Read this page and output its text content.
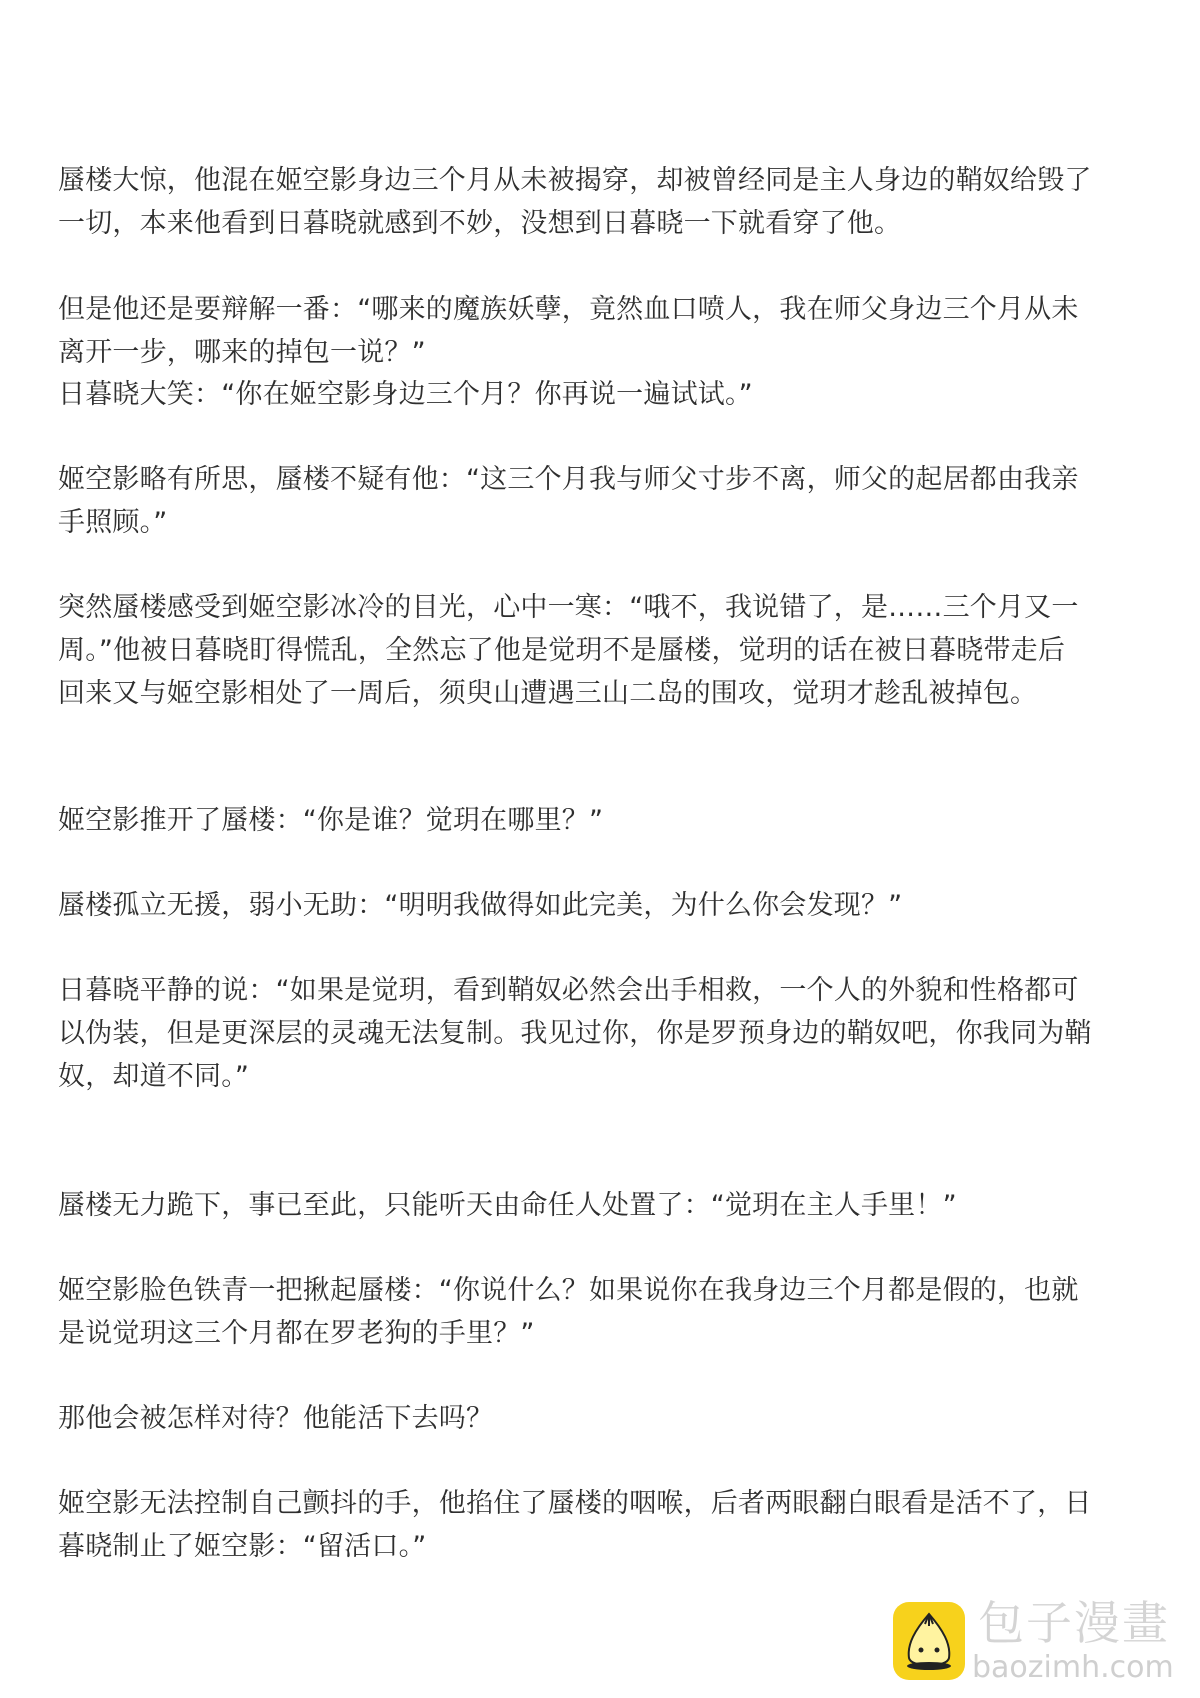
蜃楼大惊，他混在姬空影身边三个月从未被揭穿，却被曾经同是主人身边的鞘奴给毁了
一切，本来他看到日暮晓就感到不妙，没想到日暮晓一下就看穿了他。
但是他还是要辩解一番：“哪来的魔族妖孽，竟然血口喷人，我在师父身边三个月从未
离开一步，哪来的掉包一说？”
日暮晓大笑：“你在姬空影身边三个月？你再说一遍试试。”
姬空影略有所思，蜃楼不疑有他：“这三个月我与师父寸步不离，师父的起居都由我亲
手照顾。”
突然蜃楼感受到姬空影冰冷的目光，心中一寒：“哦不，我说错了，是……三个月又一
周。”他被日暮晓盯得慌乱，全然忘了他是觉玥不是蜃楼，觉玥的话在被日暮晓带走后
回来又与姬空影相处了一周后，须臾山遭遇三山二岛的围攻，觉玥才趁乱被掉包。
姬空影推开了蜃楼：“你是谁？觉玥在哪里？”
蜃楼孤立无援，弱小无助：“明明我做得如此完美，为什么你会发现？”
日暮晓平静的说：“如果是觉玥，看到鞘奴必然会出手相救，一个人的外貌和性格都可
以伪装，但是更深层的灵魂无法复制。我见过你，你是罗预身边的鞘奴吧，你我同为鞘
奴，却道不同。”
蜃楼无力跪下，事已至此，只能听天由命任人处置了：“觉玥在主人手里！”
姬空影脸色铁青一把揪起蜃楼：“你说什么？如果说你在我身边三个月都是假的，也就
是说觉玥这三个月都在罗老狗的手里？”
那他会被怎样对待？他能活下去吗？
姬空影无法控制自己颤抖的手，他掐住了蜃楼的咽喉，后者两眼翻白眼看是活不了，日
暮晓制止了姬空影：“留活口。”
包子漫畫
baozimh.com
